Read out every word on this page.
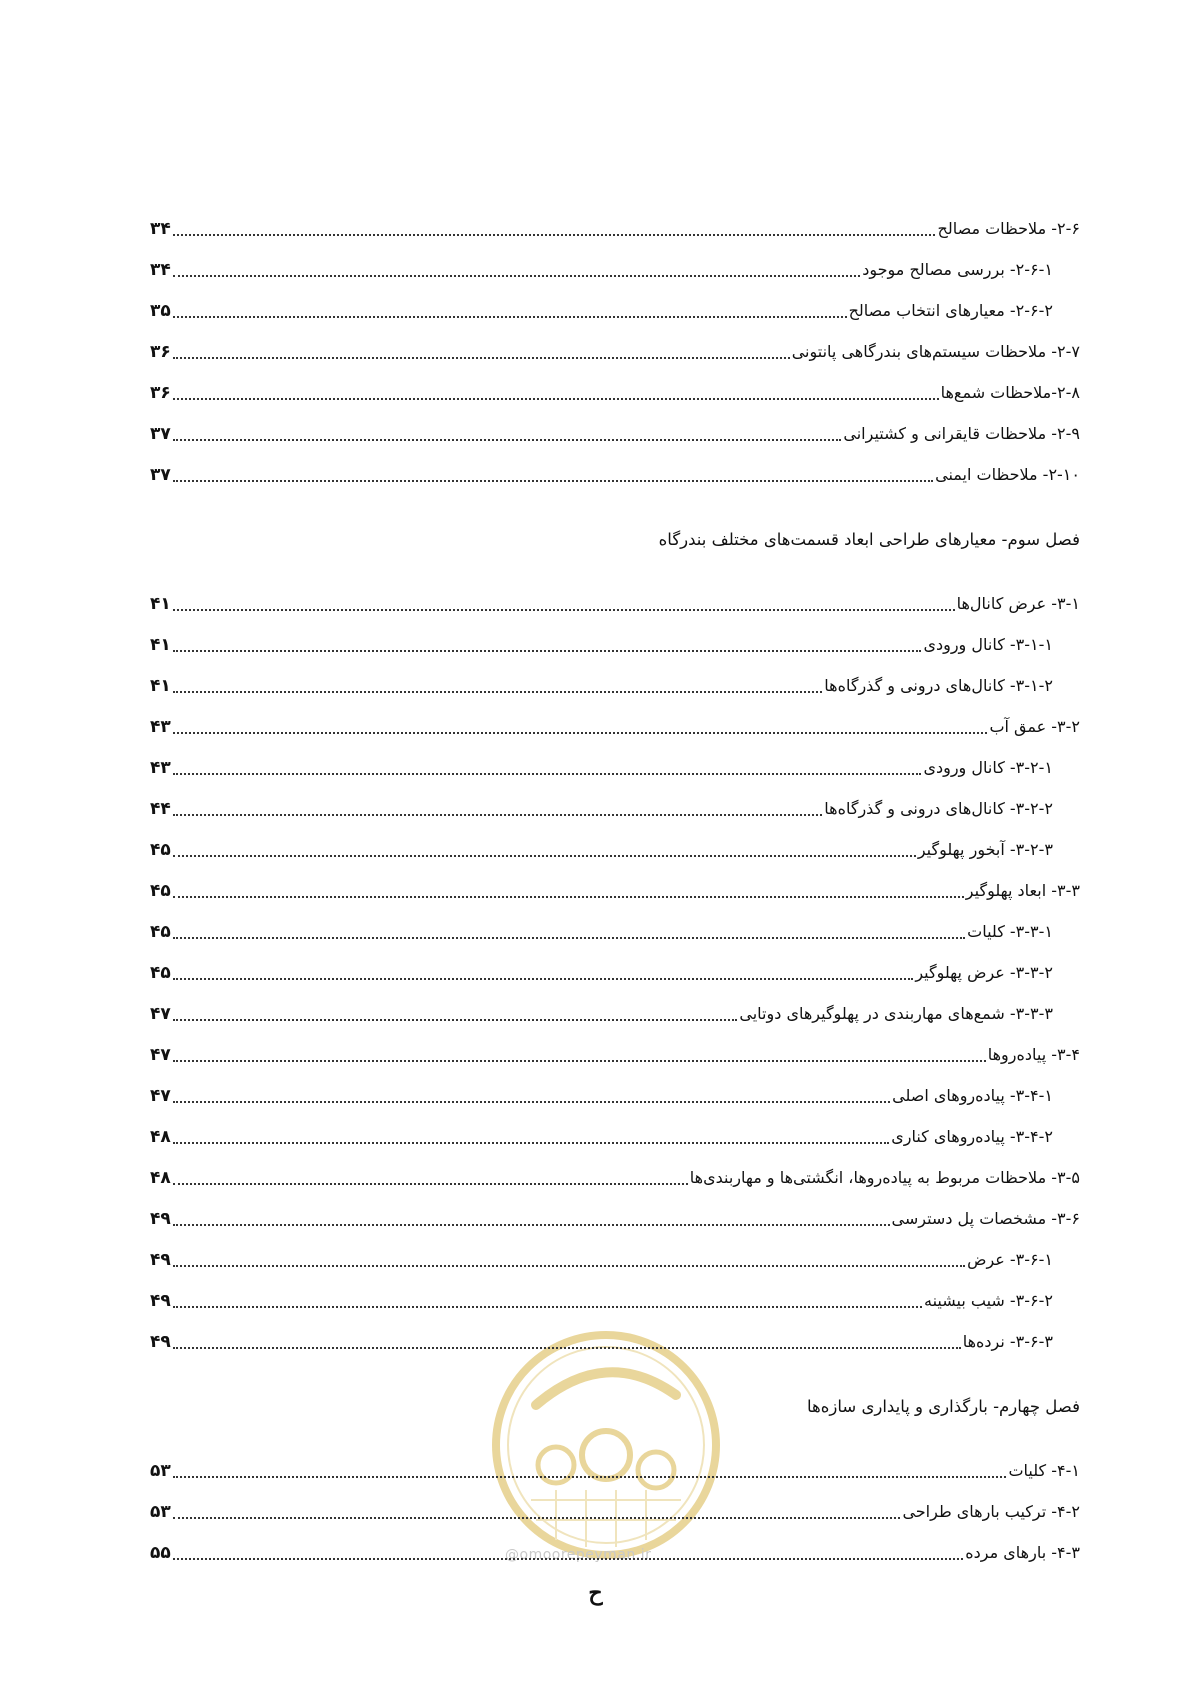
۲-۶- ملاحظات مصالح
۳۴
۲-۶-۱- بررسی مصالح موجود
۳۴
۲-۶-۲- معیارهای انتخاب مصالح
۳۵
۲-۷- ملاحظات سیستم‌های بندرگاهی پانتونی
۳۶
۲-۸-ملاحظات شمع‌ها
۳۶
۲-۹- ملاحظات قایقرانی و کشتیرانی
۳۷
۲-۱۰- ملاحظات ایمنی
۳۷
فصل سوم- معیارهای طراحی ابعاد قسمت‌های مختلف بندرگاه
۳-۱- عرض کانال‌ها
۴۱
۳-۱-۱- کانال ورودی
۴۱
۳-۱-۲- کانال‌های درونی و گذرگاه‌ها
۴۱
۳-۲- عمق آب
۴۳
۳-۲-۱- کانال ورودی
۴۳
۳-۲-۲- کانال‌های درونی و گذرگاه‌ها
۴۴
۳-۲-۳- آبخور پهلوگیر
۴۵
۳-۳- ابعاد پهلوگیر
۴۵
۳-۳-۱- کلیات
۴۵
۳-۳-۲- عرض پهلوگیر
۴۵
۳-۳-۳- شمع‌های مهاربندی در پهلوگیرهای دوتایی
۴۷
۳-۴- پیاده‌روها
۴۷
۳-۴-۱- پیاده‌روهای اصلی
۴۷
۳-۴-۲- پیاده‌روهای کناری
۴۸
۳-۵- ملاحظات مربوط به پیاده‌روها، انگشتی‌ها و مهاربندی‌ها
۴۸
۳-۶- مشخصات پل دسترسی
۴۹
۳-۶-۱- عرض
۴۹
۳-۶-۲- شیب بیشینه
۴۹
۳-۶-۳- نرده‌ها
۴۹
فصل چهارم- بارگذاری و پایداری سازه‌ها
۴-۱- کلیات
۵۳
۴-۲- ترکیب بارهای طراحی
۵۳
۴-۳- بارهای مرده
۵۵	@omoorepeyman.ir
ح
